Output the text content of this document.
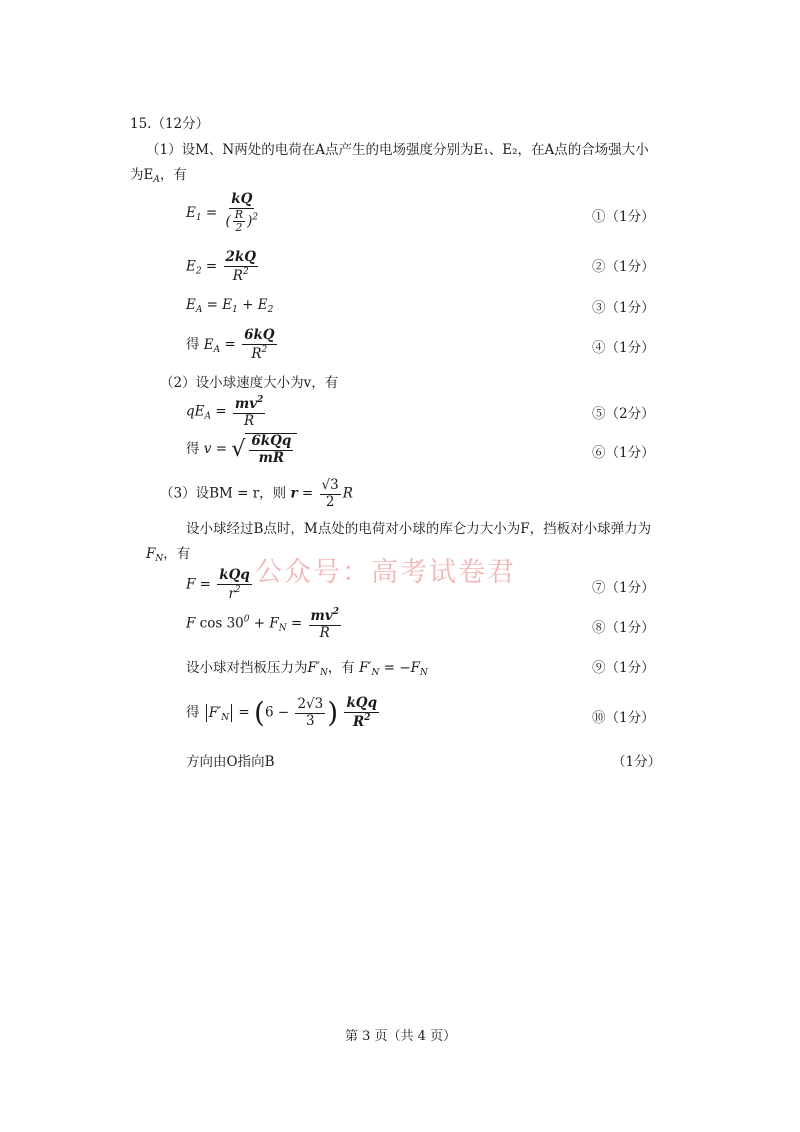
15.（12分）
（1）设M、N两处的电荷在A点产生的电场强度分别为E₁、E₂，在A点的合场强大小
为$E_A$，有
$E_1 = \frac{kQ}{( \frac{R}{2} )^2}$	①（1分）
$E_2 = \frac{2kQ}{R^2}$	②（1分）
$E_A = E_1 + E_2$	③（1分）
得 $E_A = \frac{6kQ}{R^2}$	④（1分）
（2）设小球速度大小为v，有
$qE_A = \frac{mv^2}{R}$	⑤（2分）
得 v = √ $\frac{\text{6kQq}}{mR}$	⑥（1分）
（3）设BM = r，则 $r = \frac{√3}{2}$ R
设小球经过B点时，M点处的电荷对小球的库仑力大小为F，挡板对小球弹力为
$F_N$，有
公众号：高考试卷君
$F = \frac{\text{kQq}}{r^2}$	⑦（1分）
F $\cos 30^0 + F_N = \frac{mv^2}{R}$	⑧（1分）
设小球对挡板压力为$F'_N$，有 $F'_N = -F_N$	⑨（1分）
得 $F'_N = (6 - \frac{2√3}{3}$ ) $\frac{\text{kQq}}{R^2}$	⑩（1分）
方向由O指向B	（1分）
第 3 页（共 4 页）
